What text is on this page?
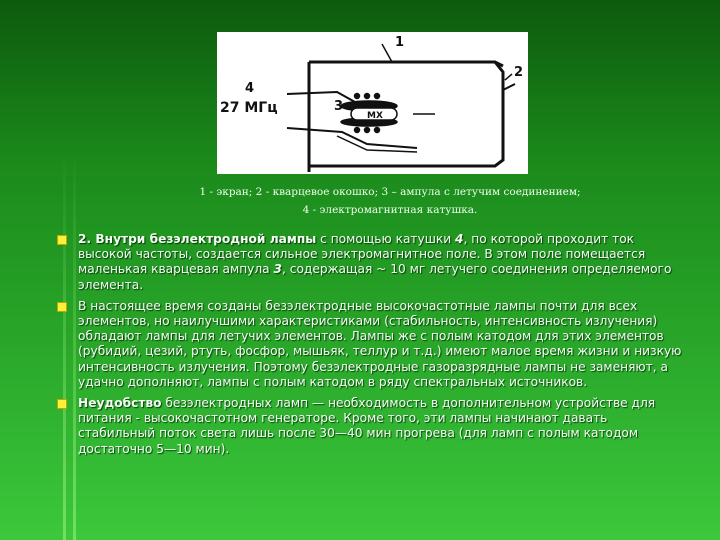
1
2
3
4
27 МГц	MX
1 - экран; 2 - кварцевое окошко; 3 – ампула с летучим соединением;
4 - электромагнитная катушка.
2. Внутри безэлектродной лампы с помощью катушки 4, по которой проходит ток высокой частоты, создается сильное электромагнитное поле. В этом поле помещается маленькая кварцевая ампула 3, содержащая ~ 10 мг летучего соединения определяемого элемента.
В настоящее время созданы безэлектродные высокочастотные лампы почти для всех элементов, но наилучшими характеристиками (стабильность, интенсивность излучения) обладают лампы для летучих элементов. Лампы же с полым катодом для этих элементов (рубидий, цезий, ртуть, фосфор, мышьяк, теллур и т.д.) имеют малое время жизни и низкую интенсивность излучения. Поэтому безэлектродные газоразрядные лампы не заменяют, а удачно дополняют, лампы с полым катодом в ряду спектральных источников.
Неудобство безэлектродных ламп — необходимость в дополнительном устройстве для питания - высокочастотном генераторе. Кроме того, эти лампы начинают давать стабильный поток света лишь после 30—40 мин прогрева (для ламп с полым катодом достаточно 5—10 мин).
